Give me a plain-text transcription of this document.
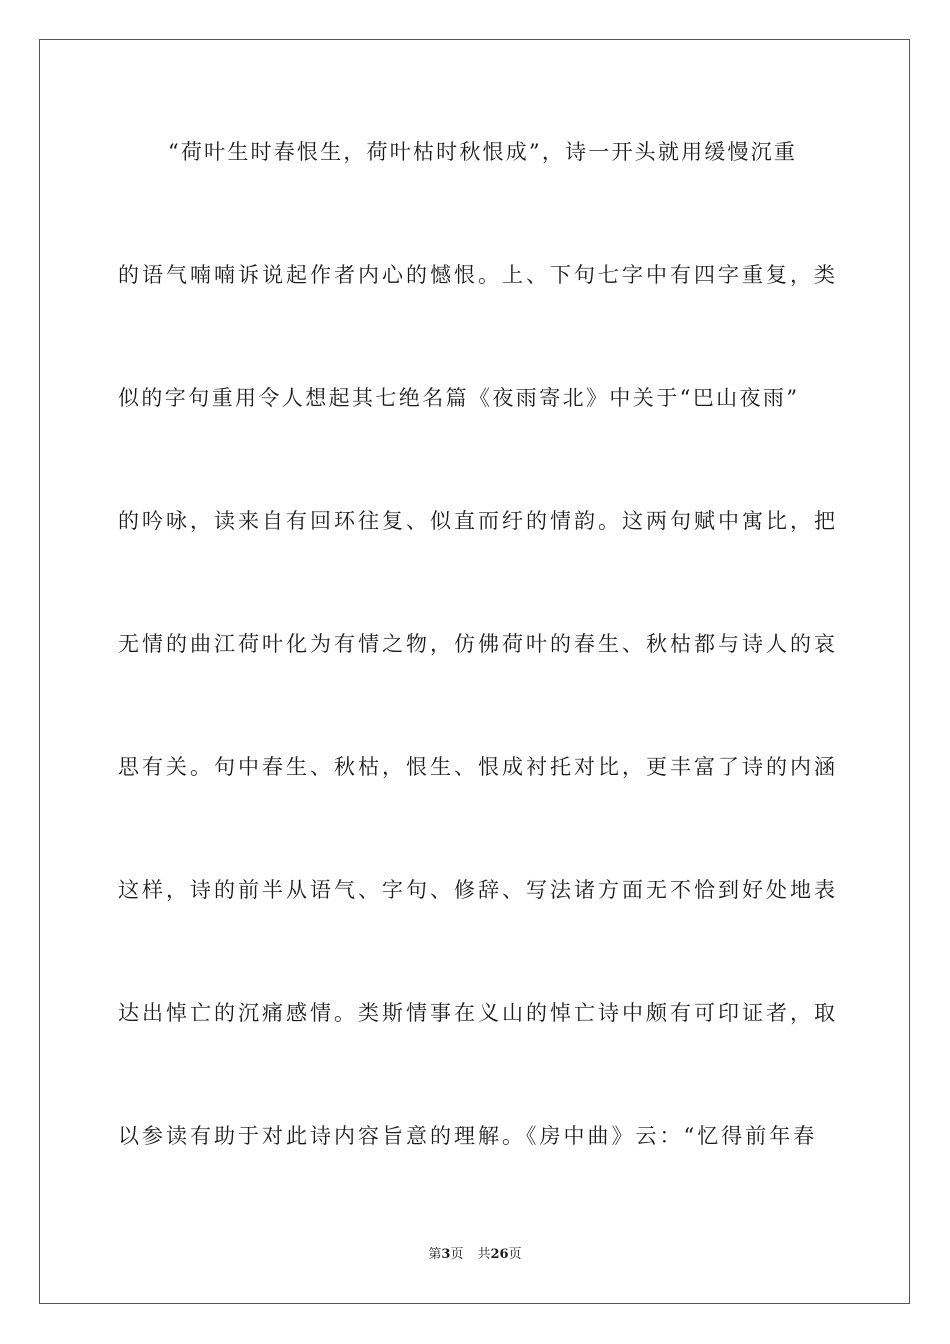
“荷叶生时春恨生，荷叶枯时秋恨成”，诗一开头就用缓慢沉重
的语气喃喃诉说起作者内心的憾恨。上、下句七字中有四字重复，类
似的字句重用令人想起其七绝名篇《夜雨寄北》中关于“巴山夜雨”
的吟咏，读来自有回环往复、似直而纡的情韵。这两句赋中寓比，把
无情的曲江荷叶化为有情之物，仿佛荷叶的春生、秋枯都与诗人的哀
思有关。句中春生、秋枯，恨生、恨成衬托对比，更丰富了诗的内涵
这样，诗的前半从语气、字句、修辞、写法诸方面无不恰到好处地表
达出悼亡的沉痛感情。类斯情事在义山的悼亡诗中颇有可印证者，取
以参读有助于对此诗内容旨意的理解。《房中曲》云：“忆得前年春
第3页 共26页
